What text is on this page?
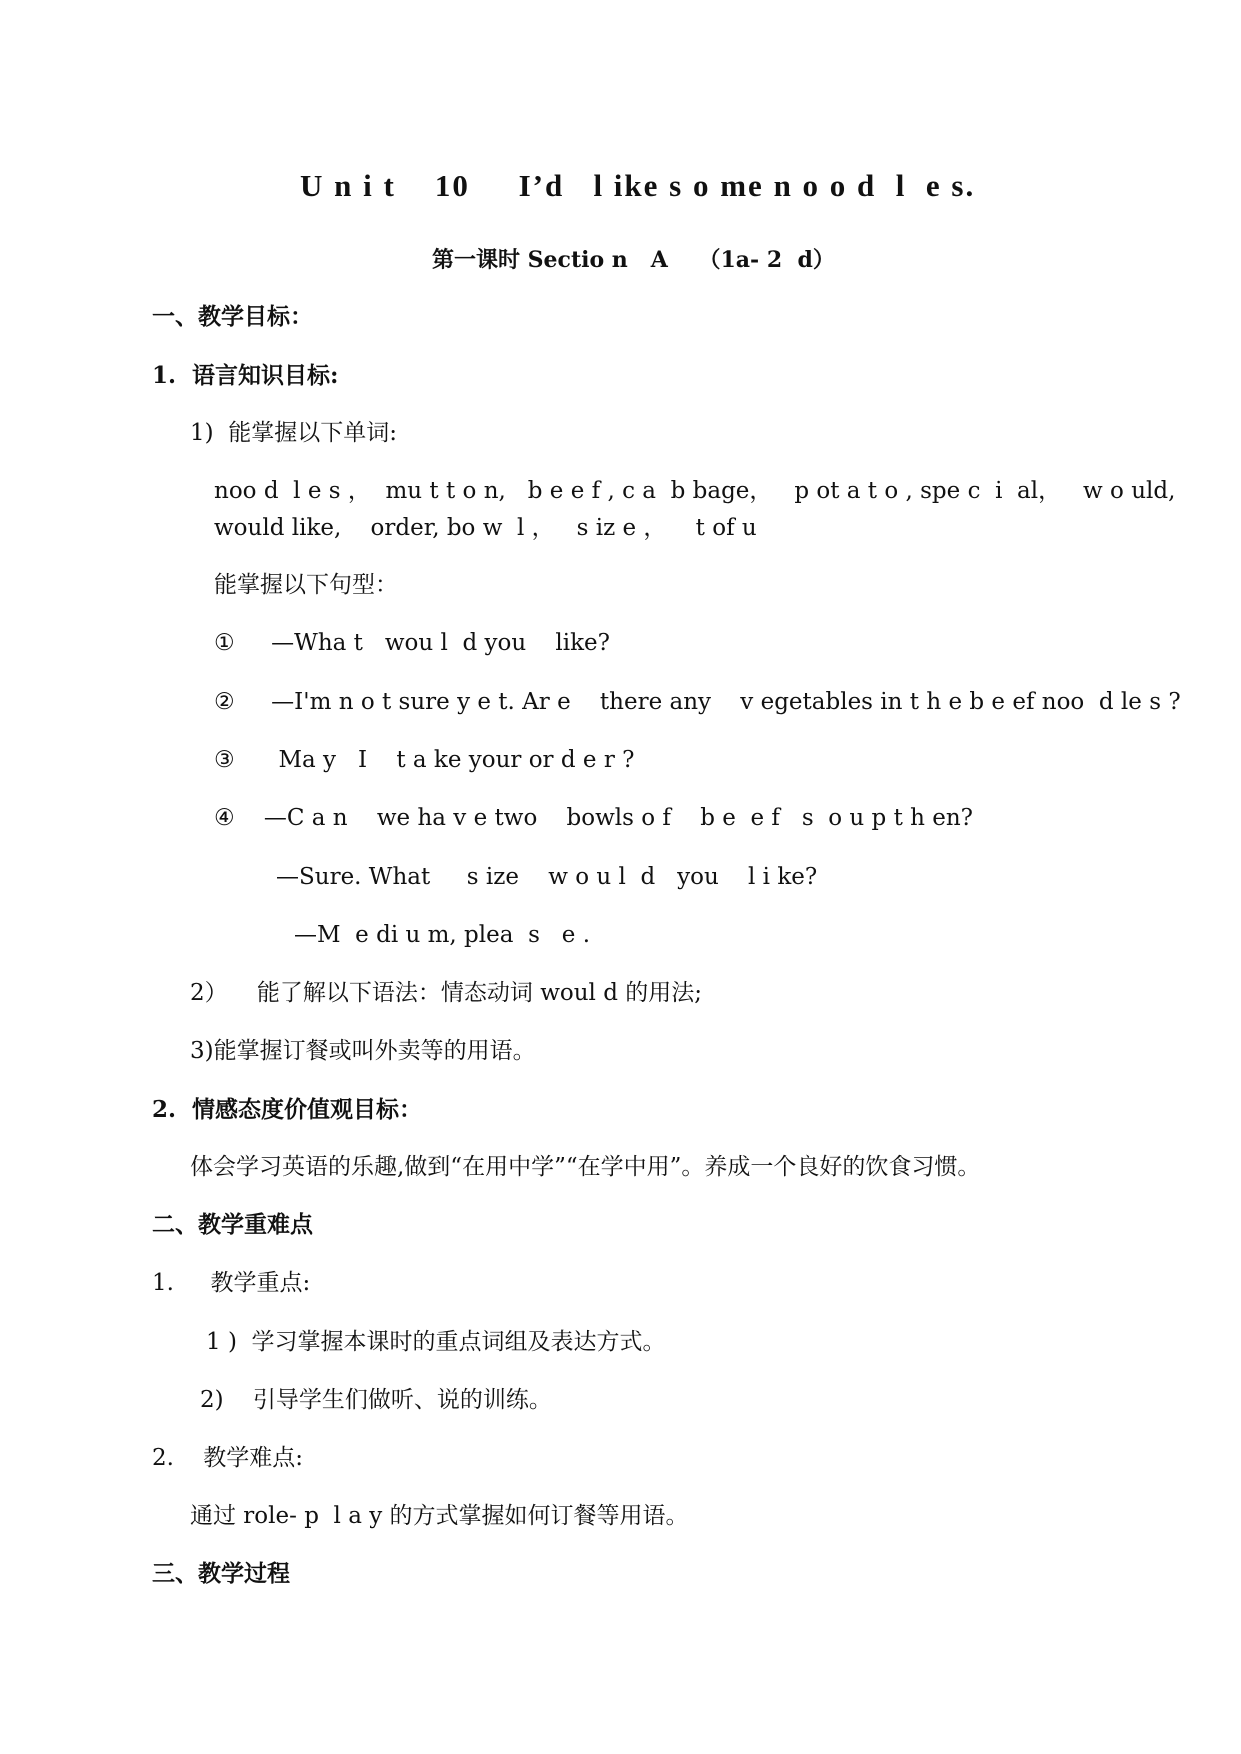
U n i t    10     I’d   l ike s o me n o o d  l  e s.
第一课时 Sectio n   A    （1a- 2  d）
一、教学目标：
1.  语言知识目标:
1)  能掌握以下单词:
noo d  l e s ，  mu t t o n,   b e e f , c a  b bage，   p ot a t o , spe c  i  al，   w o uld,
would like,    order, bo w  l ，   s iz e ，    t of u
能掌握以下句型：
①     —Wha t   wou l  d you    like?
②     —I'm n o t sure y e t. Ar e    there any    v egetables in t h e b e ef noo  d le s ?
③      Ma y   I    t a ke your or d e r ?
④    —C a n    we ha v e two    bowls o f    b e  e f   s  o u p t h en?
—Sure. What     s ize    w o u l  d   you    l i ke?
—M  e di u m, plea  s   e .
2）    能了解以下语法：情态动词 woul d 的用法;
3)能掌握订餐或叫外卖等的用语。
2.  情感态度价值观目标：
体会学习英语的乐趣,做到“在用中学”“在学中用”。养成一个良好的饮食习惯。
二、教学重难点
1.     教学重点:
1 )  学习掌握本课时的重点词组及表达方式。
2)    引导学生们做听、说的训练。
2.    教学难点:
通过 role- p  l a y 的方式掌握如何订餐等用语。
三、教学过程
